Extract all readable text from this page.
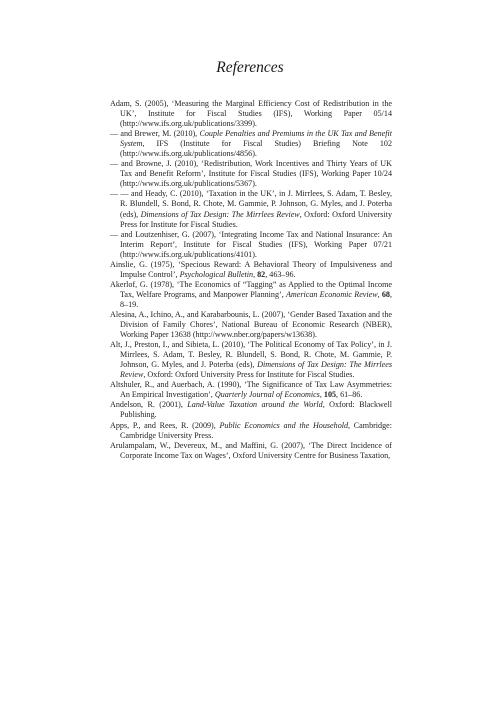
References

Adam, S. (2005), ‘Measuring the Marginal Efficiency Cost of Redistribution in the UK’, Institute for Fiscal Studies (IFS), Working Paper 05/14 (http://www.ifs.org.uk/publications/3399).

— and Brewer, M. (2010), Couple Penalties and Premiums in the UK Tax and Benefit System, IFS (Institute for Fiscal Studies) Briefing Note 102 (http://www.ifs.org.uk/publications/4856).

— and Browne, J. (2010), ‘Redistribution, Work Incentives and Thirty Years of UK Tax and Benefit Reform’, Institute for Fiscal Studies (IFS), Working Paper 10/24 (http://www.ifs.org.uk/publications/5367).

— — and Heady, C. (2010), ‘Taxation in the UK’, in J. Mirrlees, S. Adam, T. Besley, R. Blundell, S. Bond, R. Chote, M. Gammie, P. Johnson, G. Myles, and J. Poterba (eds), Dimensions of Tax Design: The Mirrlees Review, Oxford: Oxford University Press for Institute for Fiscal Studies.

— and Loutzenhiser, G. (2007), ‘Integrating Income Tax and National Insurance: An Interim Report’, Institute for Fiscal Studies (IFS), Working Paper 07/21 (http://www.ifs.org.uk/publications/4101).

Ainslie, G. (1975), ‘Specious Reward: A Behavioral Theory of Impulsiveness and Impulse Control’, Psychological Bulletin, 82, 463–96.

Akerlof, G. (1978), ‘The Economics of “Tagging” as Applied to the Optimal Income Tax, Welfare Programs, and Manpower Planning’, American Economic Review, 68, 8–19.

Alesina, A., Ichino, A., and Karabarbounis, L. (2007), ‘Gender Based Taxation and the Division of Family Chores’, National Bureau of Economic Research (NBER), Working Paper 13638 (http://www.nber.org/papers/w13638).

Alt, J., Preston, I., and Sibieta, L. (2010), ‘The Political Economy of Tax Policy’, in J. Mirrlees, S. Adam, T. Besley, R. Blundell, S. Bond, R. Chote, M. Gammie, P. Johnson, G. Myles, and J. Poterba (eds), Dimensions of Tax Design: The Mirrlees Review, Oxford: Oxford University Press for Institute for Fiscal Studies.

Altshuler, R., and Auerbach, A. (1990), ‘The Significance of Tax Law Asymmetries: An Empirical Investigation’, Quarterly Journal of Economics, 105, 61–86.

Andelson, R. (2001), Land-Value Taxation around the World, Oxford: Blackwell Publishing.

Apps, P., and Rees, R. (2009), Public Economics and the Household, Cambridge: Cambridge University Press.

Arulampalam, W., Devereux, M., and Maffini, G. (2007), ‘The Direct Incidence of Corporate Income Tax on Wages’, Oxford University Centre for Business Taxation,
